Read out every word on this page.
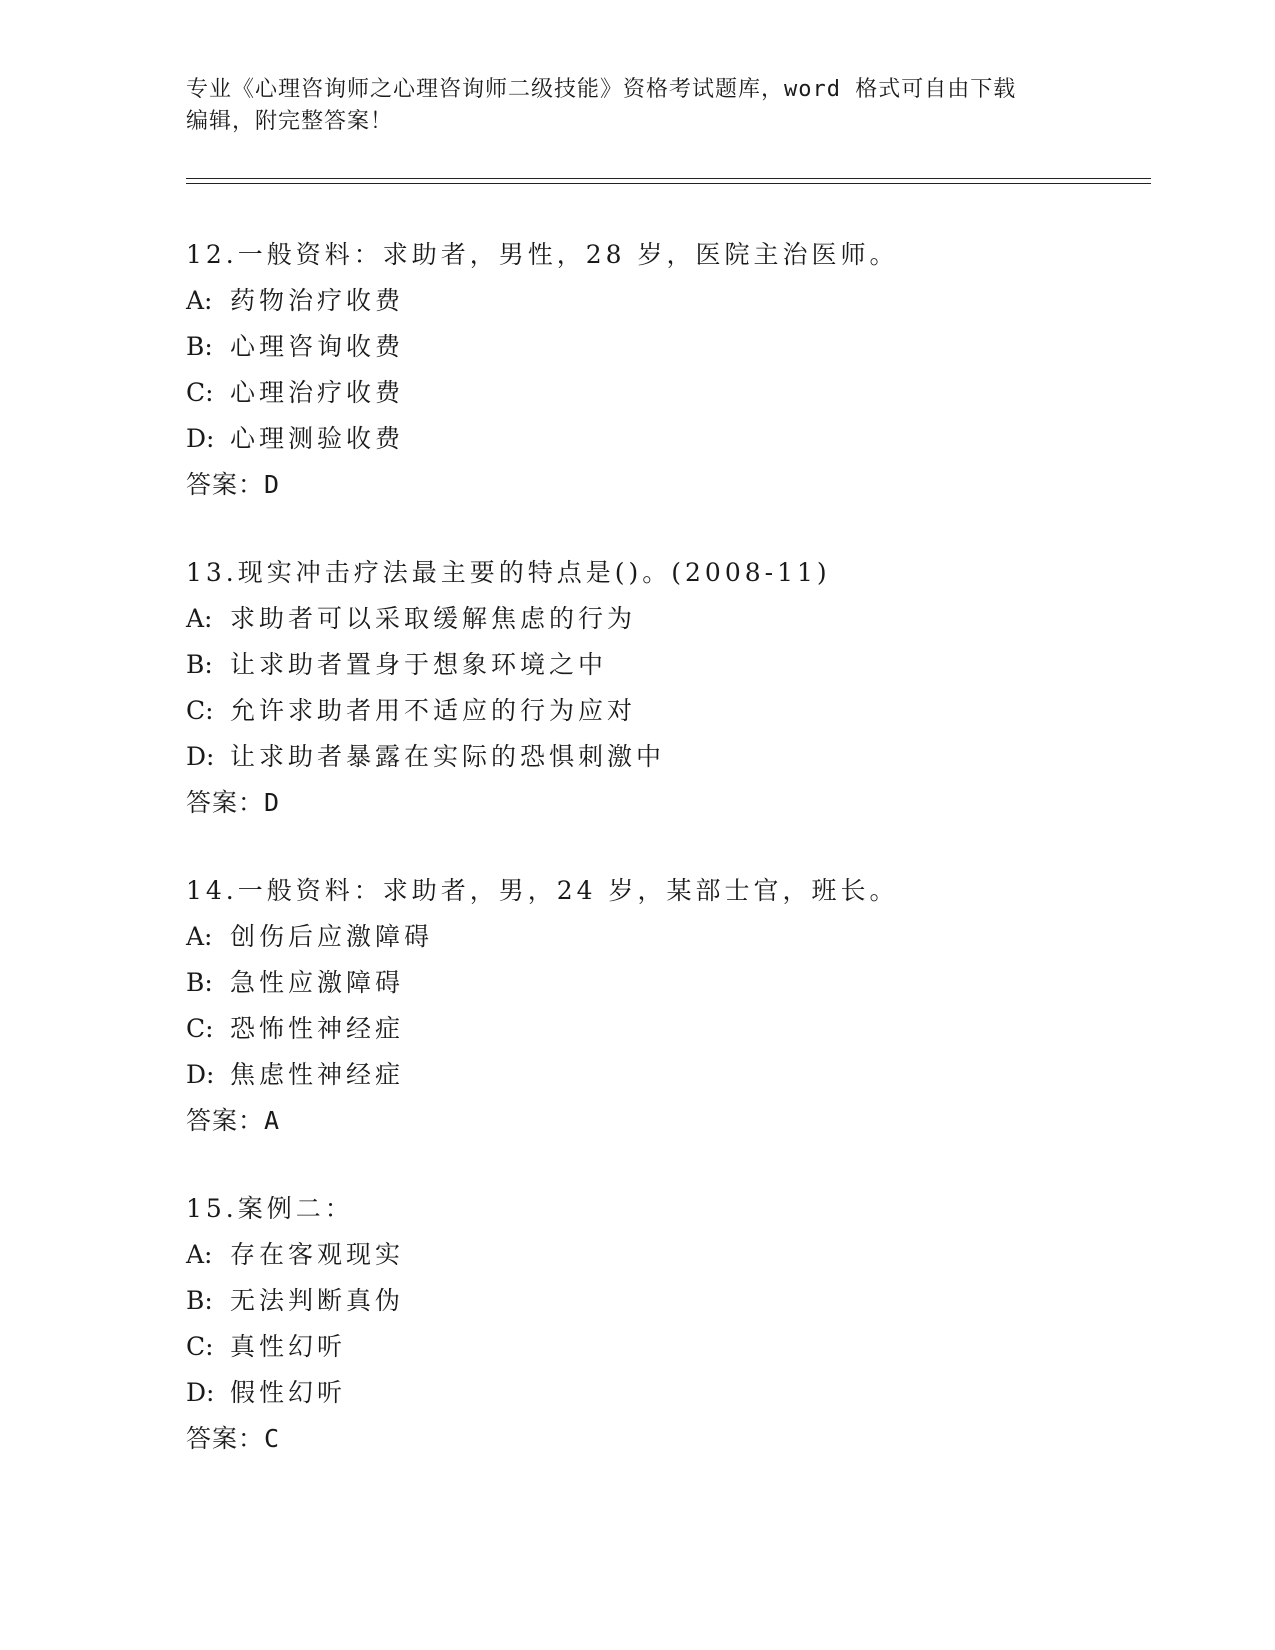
专业《心理咨询师之心理咨询师二级技能》资格考试题库，word 格式可自由下载
编辑，附完整答案！
12.一般资料：求助者，男性，28 岁，医院主治医师。
A: 药物治疗收费
B: 心理咨询收费
C: 心理治疗收费
D: 心理测验收费
答案：D
13.现实冲击疗法最主要的特点是()。(2008-11)
A: 求助者可以采取缓解焦虑的行为
B: 让求助者置身于想象环境之中
C: 允许求助者用不适应的行为应对
D: 让求助者暴露在实际的恐惧刺激中
答案：D
14.一般资料：求助者，男，24 岁，某部士官，班长。
A: 创伤后应激障碍
B: 急性应激障碍
C: 恐怖性神经症
D: 焦虑性神经症
答案：A
15.案例二：
A: 存在客观现实
B: 无法判断真伪
C: 真性幻听
D: 假性幻听
答案：C
